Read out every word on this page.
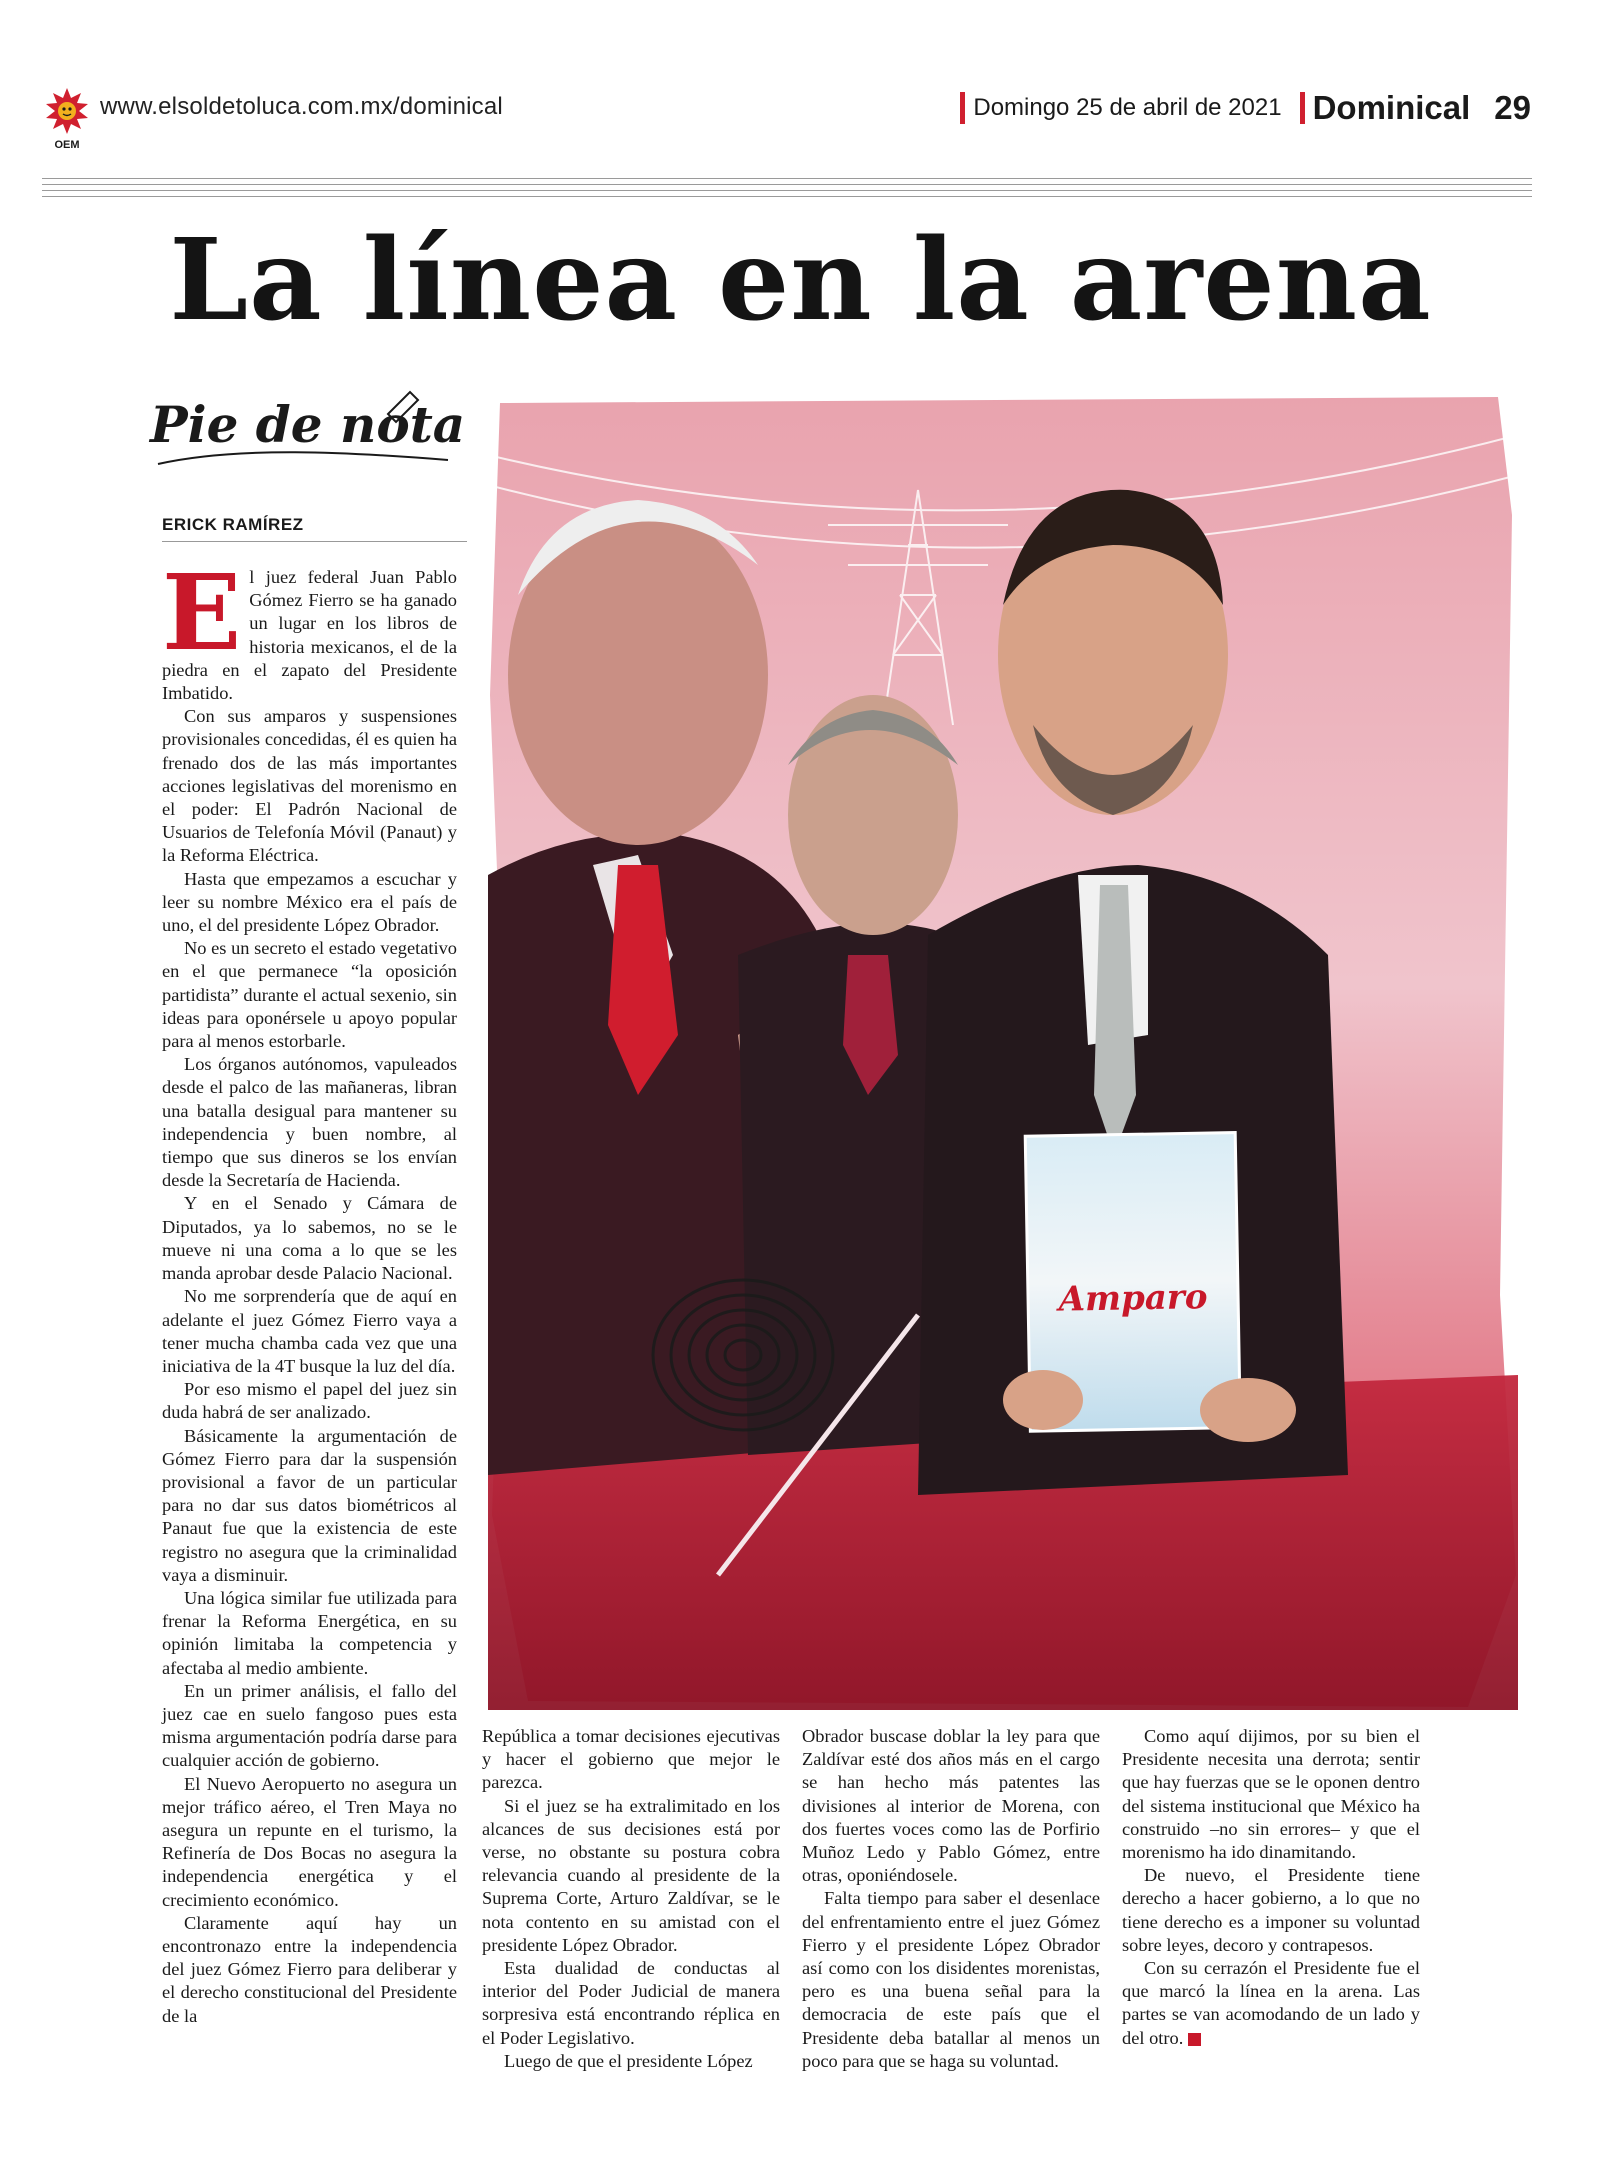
OEM
www.elsoldetoluca.com.mx/dominical	Domingo 25 de abril de 2021 Dominical 29
La línea en la arena
Pie de nota
ERICK RAMÍREZ
Amparo

El juez federal Juan Pablo Gómez Fierro se ha ganado un lugar en los libros de historia mexicanos, el de la piedra en el zapato del Presidente Imbatido.

Con sus amparos y suspensiones provisionales concedidas, él es quien ha frenado dos de las más importantes acciones legislativas del morenismo en el poder: El Padrón Nacional de Usuarios de Telefonía Móvil (Panaut) y la Reforma Eléctrica.

Hasta que empezamos a escuchar y leer su nombre México era el país de uno, el del presidente López Obrador.

No es un secreto el estado vegetativo en el que permanece “la oposición partidista” durante el actual sexenio, sin ideas para oponérsele u apoyo popular para al menos estorbarle.

Los órganos autónomos, vapuleados desde el palco de las mañaneras, libran una batalla desigual para mantener su independencia y buen nombre, al tiempo que sus dineros se los envían desde la Secretaría de Hacienda.

Y en el Senado y Cámara de Diputados, ya lo sabemos, no se le mueve ni una coma a lo que se les manda aprobar desde Palacio Nacional.

No me sorprendería que de aquí en adelante el juez Gómez Fierro vaya a tener mucha chamba cada vez que una iniciativa de la 4T busque la luz del día.

Por eso mismo el papel del juez sin duda habrá de ser analizado.

Básicamente la argumentación de Gómez Fierro para dar la suspensión provisional a favor de un particular para no dar sus datos biométricos al Panaut fue que la existencia de este registro no asegura que la criminalidad vaya a disminuir.

Una lógica similar fue utilizada para frenar la Reforma Energética, en su opinión limitaba la competencia y afectaba al medio ambiente.

En un primer análisis, el fallo del juez cae en suelo fangoso pues esta misma argumentación podría darse para cualquier acción de gobierno.

El Nuevo Aeropuerto no asegura un mejor tráfico aéreo, el Tren Maya no asegura un repunte en el turismo, la Refinería de Dos Bocas no asegura la independencia energética y el crecimiento económico.

Claramente aquí hay un encontronazo entre la independencia del juez Gómez Fierro para deliberar y el derecho constitucional del Presidente de la

República a tomar decisiones ejecutivas y hacer el gobierno que mejor le parezca.

Si el juez se ha extralimitado en los alcances de sus decisiones está por verse, no obstante su postura cobra relevancia cuando al presidente de la Suprema Corte, Arturo Zaldívar, se le nota contento en su amistad con el presidente López Obrador.

Esta dualidad de conductas al interior del Poder Judicial de manera sorpresiva está encontrando réplica en el Poder Legislativo.

Luego de que el presidente López

Obrador buscase doblar la ley para que Zaldívar esté dos años más en el cargo se han hecho más patentes las divisiones al interior de Morena, con dos fuertes voces como las de Porfirio Muñoz Ledo y Pablo Gómez, entre otras, oponiéndosele.

Falta tiempo para saber el desenlace del enfrentamiento entre el juez Gómez Fierro y el presidente López Obrador así como con los disidentes morenistas, pero es una buena señal para la democracia de este país que el Presidente deba batallar al menos un poco para que se haga su voluntad.

Como aquí dijimos, por su bien el Presidente necesita una derrota; sentir que hay fuerzas que se le oponen dentro del sistema institucional que México ha construido –no sin errores– y que el morenismo ha ido dinamitando.

De nuevo, el Presidente tiene derecho a hacer gobierno, a lo que no tiene derecho es a imponer su voluntad sobre leyes, decoro y contrapesos.

Con su cerrazón el Presidente fue el que marcó la línea en la arena. Las partes se van acomodando de un lado y del otro. ✚
